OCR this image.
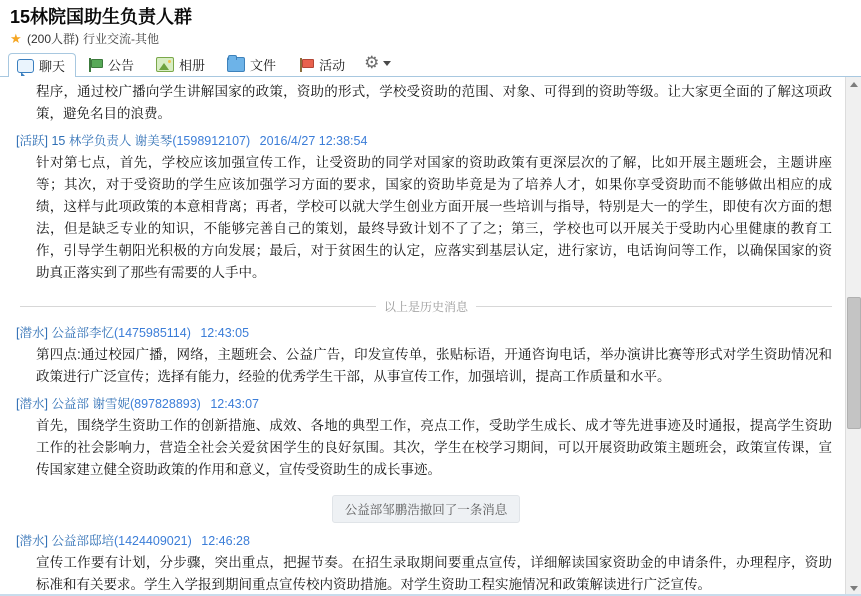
15林院国助生负责人群
★ (200人群) 行业交流-其他
聊天	公告	相册	文件	活动
⚙
程序，通过校广播向学生讲解国家的政策，资助的形式，学校受资助的范围、对象、可得到的资助等级。让大家更全面的了解这项政策，避免名目的浪费。
[活跃] 15 林学负责人 谢美琴(1598912107) 2016/4/27 12:38:54
针对第七点，首先，学校应该加强宣传工作，让受资助的同学对国家的资助政策有更深层次的了解，比如开展主题班会，主题讲座等；其次，对于受资助的学生应该加强学习方面的要求，国家的资助毕竟是为了培养人才，如果你享受资助而不能够做出相应的成绩，这样与此项政策的本意相背离；再者，学校可以就大学生创业方面开展一些培训与指导，特别是大一的学生，即使有次方面的想法，但是缺乏专业的知识，不能够完善自己的策划，最终导致计划不了了之；第三，学校也可以开展关于受助内心里健康的教育工作，引导学生朝阳光积极的方向发展；最后，对于贫困生的认定，应落实到基层认定，进行家访，电话询问等工作，以确保国家的资助真正落实到了那些有需要的人手中。
以上是历史消息
[潜水] 公益部李忆(1475985114) 12:43:05
第四点:通过校园广播，网络，主题班会、公益广告，印发宣传单，张贴标语，开通咨询电话，举办演讲比赛等形式对学生资助情况和政策进行广泛宣传；选择有能力，经验的优秀学生干部，从事宣传工作，加强培训，提高工作质量和水平。
[潜水] 公益部 谢雪妮(897828893) 12:43:07
首先，围绕学生资助工作的创新措施、成效、各地的典型工作，亮点工作，受助学生成长、成才等先进事迹及时通报，提高学生资助工作的社会影响力，营造全社会关爱贫困学生的良好氛围。其次，学生在校学习期间，可以开展资助政策主题班会，政策宣传课，宣传国家建立健全资助政策的作用和意义，宣传受资助生的成长事迹。
公益部邹鹏浩撤回了一条消息
[潜水] 公益部邸培(1424409021) 12:46:28
宣传工作要有计划，分步骤，突出重点，把握节奏。在招生录取期间要重点宣传，详细解读国家资助金的申请条件，办理程序，资助标准和有关要求。学生入学报到期间重点宣传校内资助措施。对学生资助工程实施情况和政策解读进行广泛宣传。
